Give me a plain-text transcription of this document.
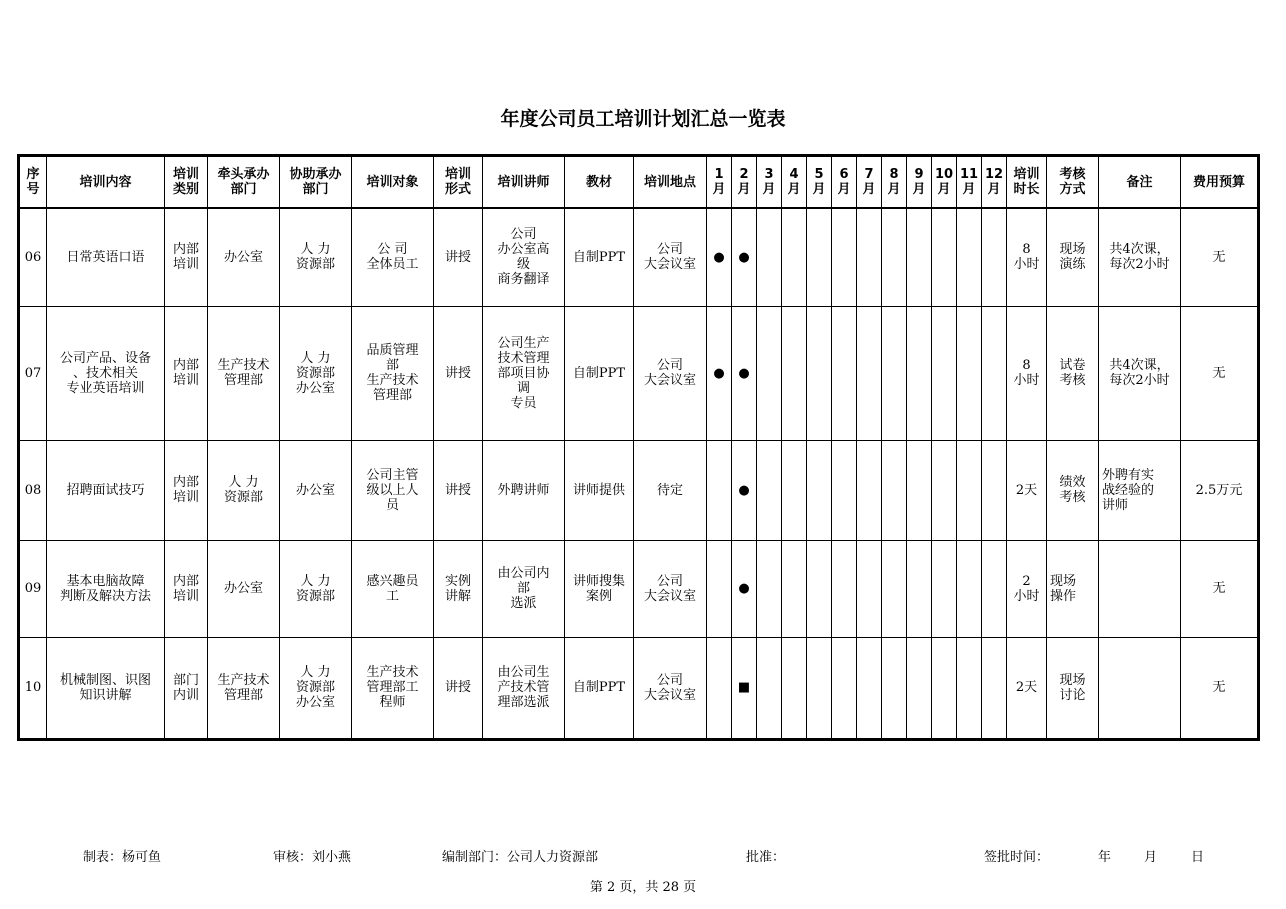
年度公司员工培训计划汇总一览表
序
号	培训内容	培训
类别	牵头承办
部门	协助承办
部门	培训对象	培训
形式	培训讲师	教材	培训地点	1
月	2
月	3
月	4
月	5
月	6
月	7
月	8
月	9
月	10
月	11
月	12
月	培训
时长	考核
方式	备注	费用预算
06	日常英语口语	内部
培训	办公室	人 力
资源部	公 司
全体员工	讲授	公司
办公室高
级
商务翻译	自制PPT	公司
大会议室	●	●											8
小时	现场
演练	共4次课，
每次2小时	无
07	公司产品、设备
、技术相关
专业英语培训	内部
培训	生产技术
管理部	人 力
资源部
办公室	品质管理
部
生产技术
管理部	讲授	公司生产
技术管理
部项目协
调
专员	自制PPT	公司
大会议室	●	●											8
小时	试卷
考核	共4次课，
每次2小时	无
08	招聘面试技巧	内部
培训	人 力
资源部	办公室	公司主管
级以上人
员	讲授	外聘讲师	讲师提供	待定		●											2天	绩效
考核	外聘有实
战经验的
讲师	2.5万元
09	基本电脑故障
判断及解决方法	内部
培训	办公室	人 力
资源部	感兴趣员
工	实例
讲解	由公司内
部
选派	讲师搜集
案例	公司
大会议室		●											2
小时	现场
操作		无
10	机械制图、识图
知识讲解	部门
内训	生产技术
管理部	人 力
资源部
办公室	生产技术
管理部工
程师	讲授	由公司生
产技术管
理部选派	自制PPT	公司
大会议室		■											2天	现场
讨论		无
制表：杨可鱼	审核：刘小燕	编制部门：公司人力资源部	批准：	签批时间：	年	月	日
第 2 页，共 28 页
